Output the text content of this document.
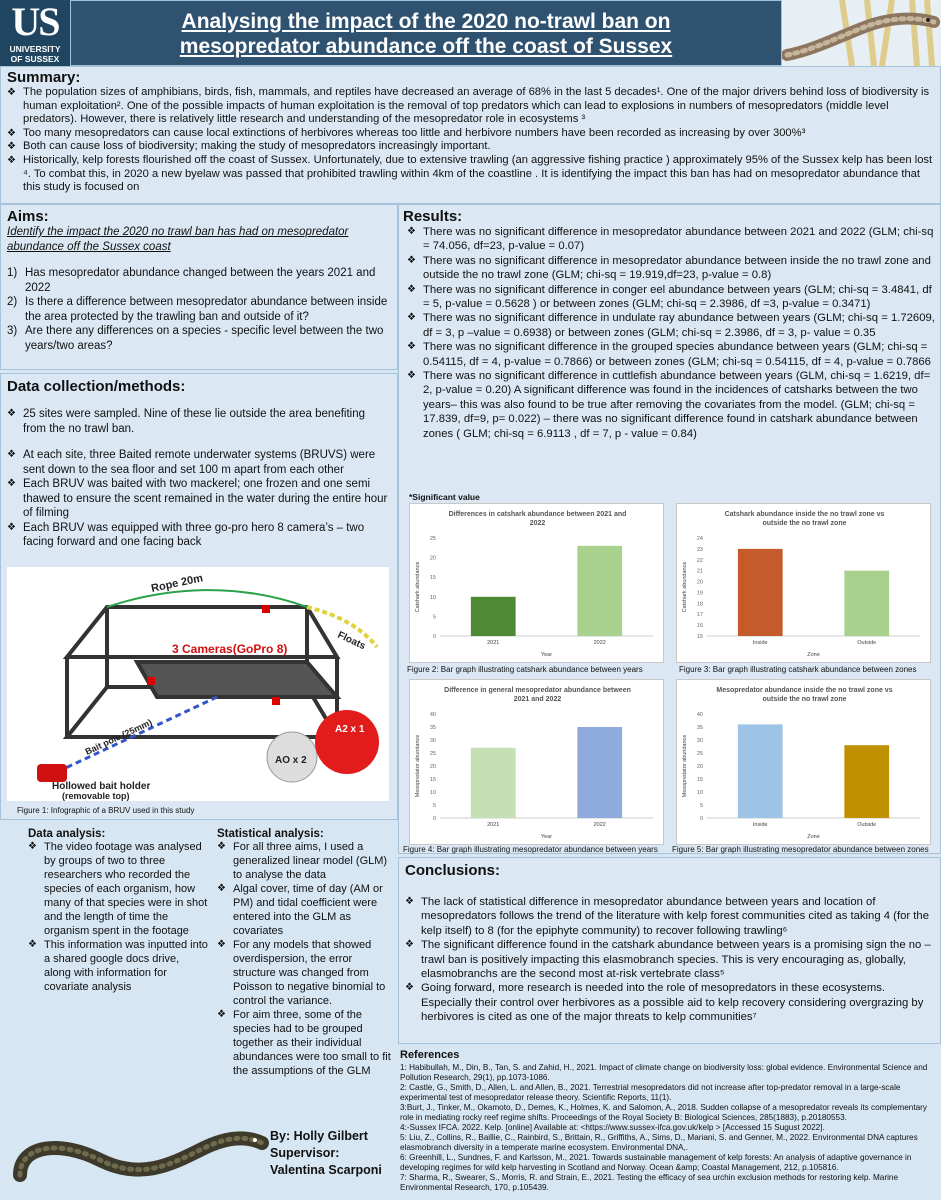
US
UNIVERSITY
OF SUSSEX
Analysing the impact of the 2020 no-trawl ban on
mesopredator abundance off the coast of Sussex
Summary:
❖ The population sizes of amphibians, birds, fish, mammals, and reptiles have decreased an average of 68% in the last 5 decades¹. One of the major drivers behind loss of biodiversity is human exploitation². One of the possible impacts of human exploitation is the removal of top predators which can lead to explosions in numbers of mesopredators (middle level predators). However, there is relatively little research and understanding of the mesopredator role in ecosystems ³
❖ Too many mesopredators can cause local extinctions of herbivores whereas too little and herbivore numbers have been recorded as increasing by over 300%³
❖ Both can cause loss of biodiversity; making the study of mesopredators increasingly important.
❖ Historically, kelp forests flourished off the coast of Sussex. Unfortunately, due to extensive trawling (an aggressive fishing practice ) approximately 95% of the Sussex kelp has been lost ⁴. To combat this, in 2020 a new byelaw was passed that prohibited trawling within 4km of the coastline . It is identifying the impact this ban has had on mesopredator abundance that this study is focused on
Aims:

Identify the impact the 2020 no trawl ban has had on mesopredator abundance off the Sussex coast

1) Has mesopredator abundance changed between the years 2021 and 2022
2) Is there a difference between mesopredator abundance between inside the area protected by the trawling ban and outside of it?
3) Are there any differences on a species - specific level between the two years/two areas?
Data collection/methods:
❖ 25 sites were sampled. Nine of these lie outside the area benefiting from the no trawl ban.
❖ At each site, three Baited remote underwater systems (BRUVS) were sent down to the sea floor and set 100 m apart from each other
❖ Each BRUV was baited with two mackerel; one frozen and one semi thawed to ensure the scent remained in the water during the entire hour of filming
❖ Each BRUV was equipped with three go-pro hero 8 camera’s – two facing forward and one facing back
Rope 20m
3 Cameras(GoPro 8)	Floats
Bait pole (25mm)
Hollowed bait holder
(removable top)
AO x 2
A2 x 1

Figure 1: Infographic of a BRUV used in this study

Data analysis:
❖ The video footage was analysed by groups of two to three researchers who recorded the species of each organism, how many of that species were in shot and the length of time the organism spent in the footage
❖ This information was inputted into a shared google docs drive, along with information for covariate analysis
Statistical analysis:
❖ For all three aims, I used a generalized linear model (GLM) to analyse the data
❖ Algal cover, time of day (AM or PM) and tidal coefficient were entered into the GLM as covariates
❖ For any models that showed overdispersion, the error structure was changed from Poisson to negative binomial to control the variance.
❖ For aim three, some of the species had to be grouped together as their individual abundances were too small to fit the assumptions of the GLM
By: Holly Gilbert
Supervisor:
Valentina Scarponi
Results:
❖ There was no significant difference in mesopredator abundance between 2021 and 2022 (GLM; chi-sq = 74.056, df=23, p-value = 0.07)
❖ There was no significant difference in mesopredator abundance between inside the no trawl zone and outside the no trawl zone (GLM; chi-sq = 19.919,df=23, p-value = 0.8)
❖ There was no significant difference in conger eel abundance between years (GLM; chi-sq = 3.4841, df = 5, p-value = 0.5628 ) or between zones (GLM; chi-sq = 2.3986, df =3, p-value = 0.3471)
❖ There was no significant difference in undulate ray abundance between years (GLM; chi-sq = 1.72609, df = 3, p –value = 0.6938) or between zones (GLM; chi-sq = 2.3986, df = 3, p- value = 0.35
❖ There was no significant difference in the grouped species abundance between years (GLM; chi-sq = 0.54115, df = 4, p-value = 0.7866) or between zones (GLM; chi-sq = 0.54115, df = 4, p-value = 0.7866
❖ There was no significant difference in cuttlefish abundance between years (GLM, chi-sq = 1.6219, df= 2, p-value = 0.20) A significant difference was found in the incidences of catsharks between the two years– this was also found to be true after removing the covariates from the model. (GLM; chi-sq = 17.839, df=9, p= 0.022) – there was no significant difference found in catshark abundance between zones ( GLM; chi-sq = 6.9113 , df = 7, p - value = 0.84)

*Significant value

Differences in catshark abundance between 2021 and
2022
0
5
10
15
20
25
2021	2022
Year
Catshark abundance

Figure 2: Bar graph illustrating catshark abundance between years

Catshark abundance inside the no trawl zone vs
outside the no trawl zone
15
16
17
18
19
20
21
22
23
24
Inside	Outside
Zone
Catshark abundance

Figure 3: Bar graph illustrating catshark abundance between zones

Difference in general mesopredator abundance between
2021 and 2022
0
5
10
15
20
25
30
35
40
2021	2022
Year
Mesopredator abundance

Figure 4: Bar graph illustrating mesopredator abundance between years

Mesopredator abundance inside the no trawl zone vs
outside the no trawl zone
0
5
10
15
20
25
30
35
40
Inside	Outside
Zone
Mesopredator abundance

Figure 5: Bar graph illustrating mesopredator abundance between zones

Conclusions:
❖ The lack of statistical difference in mesopredator abundance between years and location of mesopredators follows the trend of the literature with kelp forest communities cited as taking 4 (for the kelp itself) to 8 (for the epiphyte community) to recover following trawling⁶
❖ The significant difference found in the catshark abundance between years is a promising sign the no –trawl ban is positively impacting this elasmobranch species. This is very encouraging as, globally, elasmobranchs are the second most at-risk vertebrate class⁵
❖ Going forward, more research is needed into the role of mesopredators in these ecosystems. Especially their control over herbivores as a possible aid to kelp recovery considering overgrazing by herbivores is cited as one of the major threats to kelp communities⁷
References

1: Habibullah, M., Din, B., Tan, S. and Zahid, H., 2021. Impact of climate change on biodiversity loss: global evidence. Environmental Science and Pollution Research, 29(1), pp.1073-1086.

2: Castle, G., Smith, D., Allen, L. and Allen, B., 2021. Terrestrial mesopredators did not increase after top-predator removal in a large-scale experimental test of mesopredator release theory. Scientific Reports, 11(1).

3:Burt, J., Tinker, M., Okamoto, D., Demes, K., Holmes, K. and Salomon, A., 2018. Sudden collapse of a mesopredator reveals its complementary role in mediating rocky reef regime shifts. Proceedings of the Royal Society B: Biological Sciences, 285(1883), p.20180553.

4:-Sussex IFCA. 2022. Kelp. [online] Available at: <https://www.sussex-ifca.gov.uk/kelp > [Accessed 15 Sugust 2022].

5: Liu, Z., Collins, R., Baillie, C., Rainbird, S., Brittain, R., Griffiths, A., Sims, D., Mariani, S. and Genner, M., 2022. Environmental DNA captures elasmobranch diversity in a temperate marine ecosystem. Environmental DNA,.

6: Greenhill, L., Sundnes, F. and Karlsson, M., 2021. Towards sustainable management of kelp forests: An analysis of adaptive governance in developing regimes for wild kelp harvesting in Scotland and Norway. Ocean &amp; Coastal Management, 212, p.105816.

7: Sharma, R., Swearer, S., Morris, R. and Strain, E., 2021. Testing the efficacy of sea urchin exclusion methods for restoring kelp. Marine Environmental Research, 170, p.105439.
